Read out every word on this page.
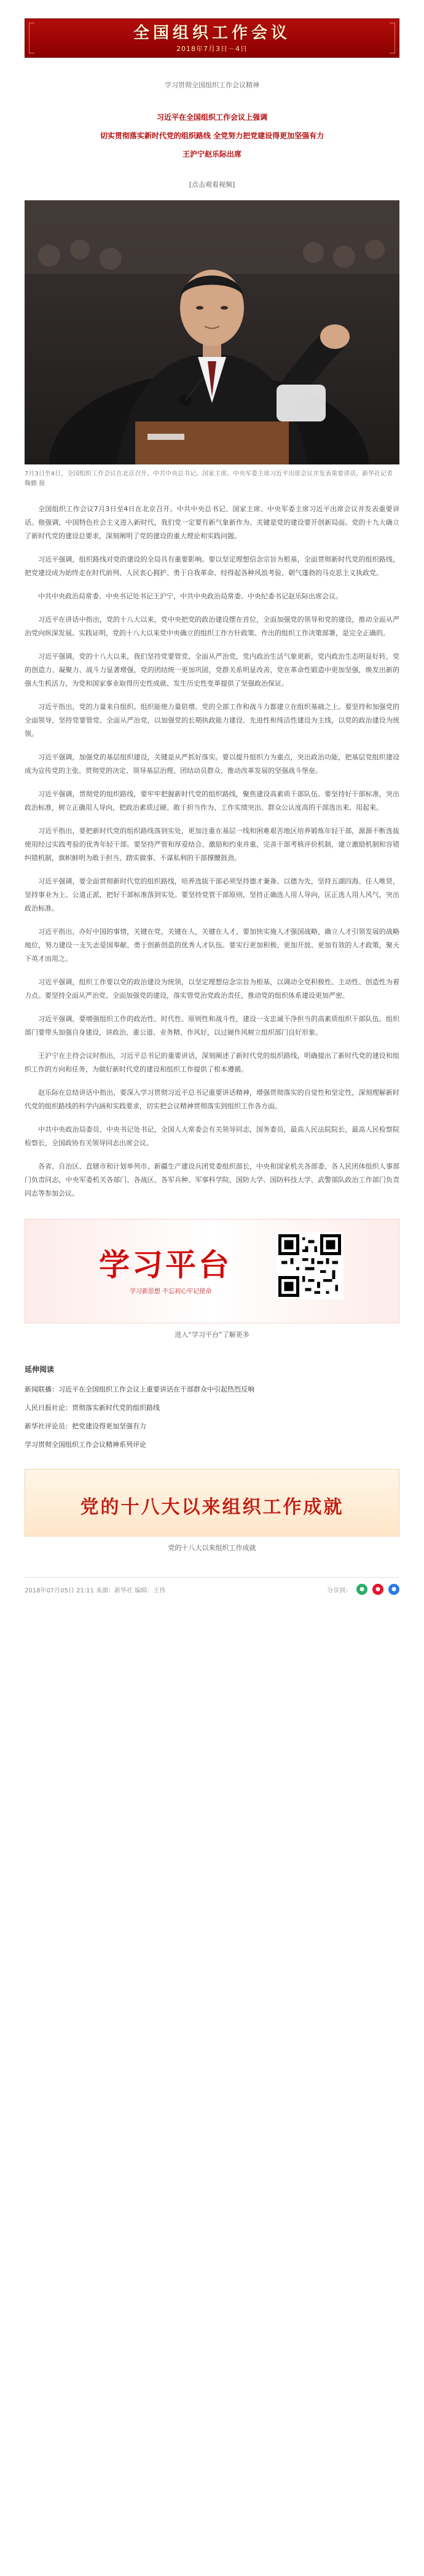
全国组织工作会议
2018年7月3日－4日
学习贯彻全国组织工作会议精神
习近平在全国组织工作会议上强调
切实贯彻落实新时代党的组织路线 全党努力把党建设得更加坚强有力
王沪宁赵乐际出席
[点击观看视频]
7月3日至4日，全国组织工作会议在北京召开。中共中央总书记、国家主席、中央军委主席习近平出席会议并发表重要讲话。新华社记者 鞠鹏 摄

全国组织工作会议7月3日至4日在北京召开。中共中央总书记、国家主席、中央军委主席习近平出席会议并发表重要讲话。他强调，中国特色社会主义进入新时代，我们党一定要有新气象新作为。关键是党的建设要开创新局面。党的十九大确立了新时代党的建设总要求，深刻阐明了党的建设的重大理论和实践问题。

习近平强调，组织路线对党的建设的全局具有重要影响。要以坚定理想信念宗旨为根基，全面贯彻新时代党的组织路线，把党建设成为始终走在时代前列、人民衷心拥护、勇于自我革命、经得起各种风浪考验、朝气蓬勃的马克思主义执政党。

中共中央政治局常委、中央书记处书记王沪宁，中共中央政治局常委、中央纪委书记赵乐际出席会议。

习近平在讲话中指出，党的十八大以来，党中央把党的政治建设摆在首位，全面加强党的领导和党的建设，推动全面从严治党向纵深发展。实践证明，党的十八大以来党中央确立的组织工作方针政策、作出的组织工作决策部署，是完全正确的。

习近平强调，党的十八大以来，我们坚持党要管党、全面从严治党，党内政治生活气象更新，党内政治生态明显好转，党的创造力、凝聚力、战斗力显著增强，党的团结统一更加巩固，党群关系明显改善，党在革命性锻造中更加坚强，焕发出新的强大生机活力，为党和国家事业取得历史性成就、发生历史性变革提供了坚强政治保证。

习近平指出，党的力量来自组织。组织能使力量倍增。党的全部工作和战斗力都建立在组织基础之上。要坚持和加强党的全面领导，坚持党要管党、全面从严治党，以加强党的长期执政能力建设、先进性和纯洁性建设为主线，以党的政治建设为统领。

习近平强调，加强党的基层组织建设，关键是从严抓好落实。要以提升组织力为重点，突出政治功能，把基层党组织建设成为宣传党的主张、贯彻党的决定、领导基层治理、团结动员群众、推动改革发展的坚强战斗堡垒。

习近平强调，贯彻党的组织路线，要牢牢把握新时代党的组织路线，聚焦建设高素质干部队伍。要坚持好干部标准，突出政治标准，树立正确用人导向，把政治素质过硬、敢于担当作为、工作实绩突出、群众公认度高的干部选出来、用起来。

习近平指出，要把新时代党的组织路线落到实处，更加注重在基层一线和困难艰苦地区培养锻炼年轻干部，源源不断选拔使用经过实践考验的优秀年轻干部。要坚持严管和厚爱结合、激励和约束并重，完善干部考核评价机制，建立激励机制和容错纠错机制，旗帜鲜明为敢于担当、踏实做事、不谋私利的干部撑腰鼓劲。

习近平强调，要全面贯彻新时代党的组织路线，培养选拔干部必须坚持德才兼备、以德为先，坚持五湖四海、任人唯贤，坚持事业为上、公道正派，把好干部标准落到实处。要坚持党管干部原则，坚持正确选人用人导向，匡正选人用人风气，突出政治标准。

习近平指出，办好中国的事情，关键在党，关键在人，关键在人才。要加快实施人才强国战略，确立人才引领发展的战略地位，努力建设一支矢志爱国奉献、勇于创新创造的优秀人才队伍。要实行更加积极、更加开放、更加有效的人才政策，聚天下英才而用之。

习近平强调，组织工作要以党的政治建设为统领，以坚定理想信念宗旨为根基，以调动全党积极性、主动性、创造性为着力点。要坚持全面从严治党、全面加强党的建设，落实管党治党政治责任，推动党的组织体系建设更加严密。

习近平强调，要增强组织工作的政治性、时代性、原则性和战斗性，建设一支忠诚干净担当的高素质组织干部队伍。组织部门要带头加强自身建设，讲政治、重公道、业务精、作风好，以过硬作风树立组织部门良好形象。

王沪宁在主持会议时指出，习近平总书记的重要讲话，深刻阐述了新时代党的组织路线，明确提出了新时代党的建设和组织工作的方向和任务，为做好新时代党的建设和组织工作提供了根本遵循。

赵乐际在总结讲话中指出，要深入学习贯彻习近平总书记重要讲话精神，增强贯彻落实的自觉性和坚定性，深刻理解新时代党的组织路线的科学内涵和实践要求，切实把会议精神贯彻落实到组织工作各方面。

中共中央政治局委员、中央书记处书记，全国人大常委会有关领导同志，国务委员，最高人民法院院长，最高人民检察院检察长，全国政协有关领导同志出席会议。

各省、自治区、直辖市和计划单列市、新疆生产建设兵团党委组织部长，中央和国家机关各部委、各人民团体组织人事部门负责同志，中央军委机关各部门、各战区、各军兵种、军事科学院、国防大学、国防科技大学、武警部队政治工作部门负责同志等参加会议。

学习平台
学习新思想 不忘初心牢记使命
进入“学习平台”了解更多
延伸阅读
新闻联播：习近平在全国组织工作会议上重要讲话在干部群众中引起热烈反响
人民日报社论：贯彻落实新时代党的组织路线
新华社评论员：把党建设得更加坚强有力
学习贯彻全国组织工作会议精神系列评论
党的十八大以来组织工作成就
党的十八大以来组织工作成就
2018年07月05日 21:11 来源：新华社 编辑：王伟	分享到：	●	●	●
